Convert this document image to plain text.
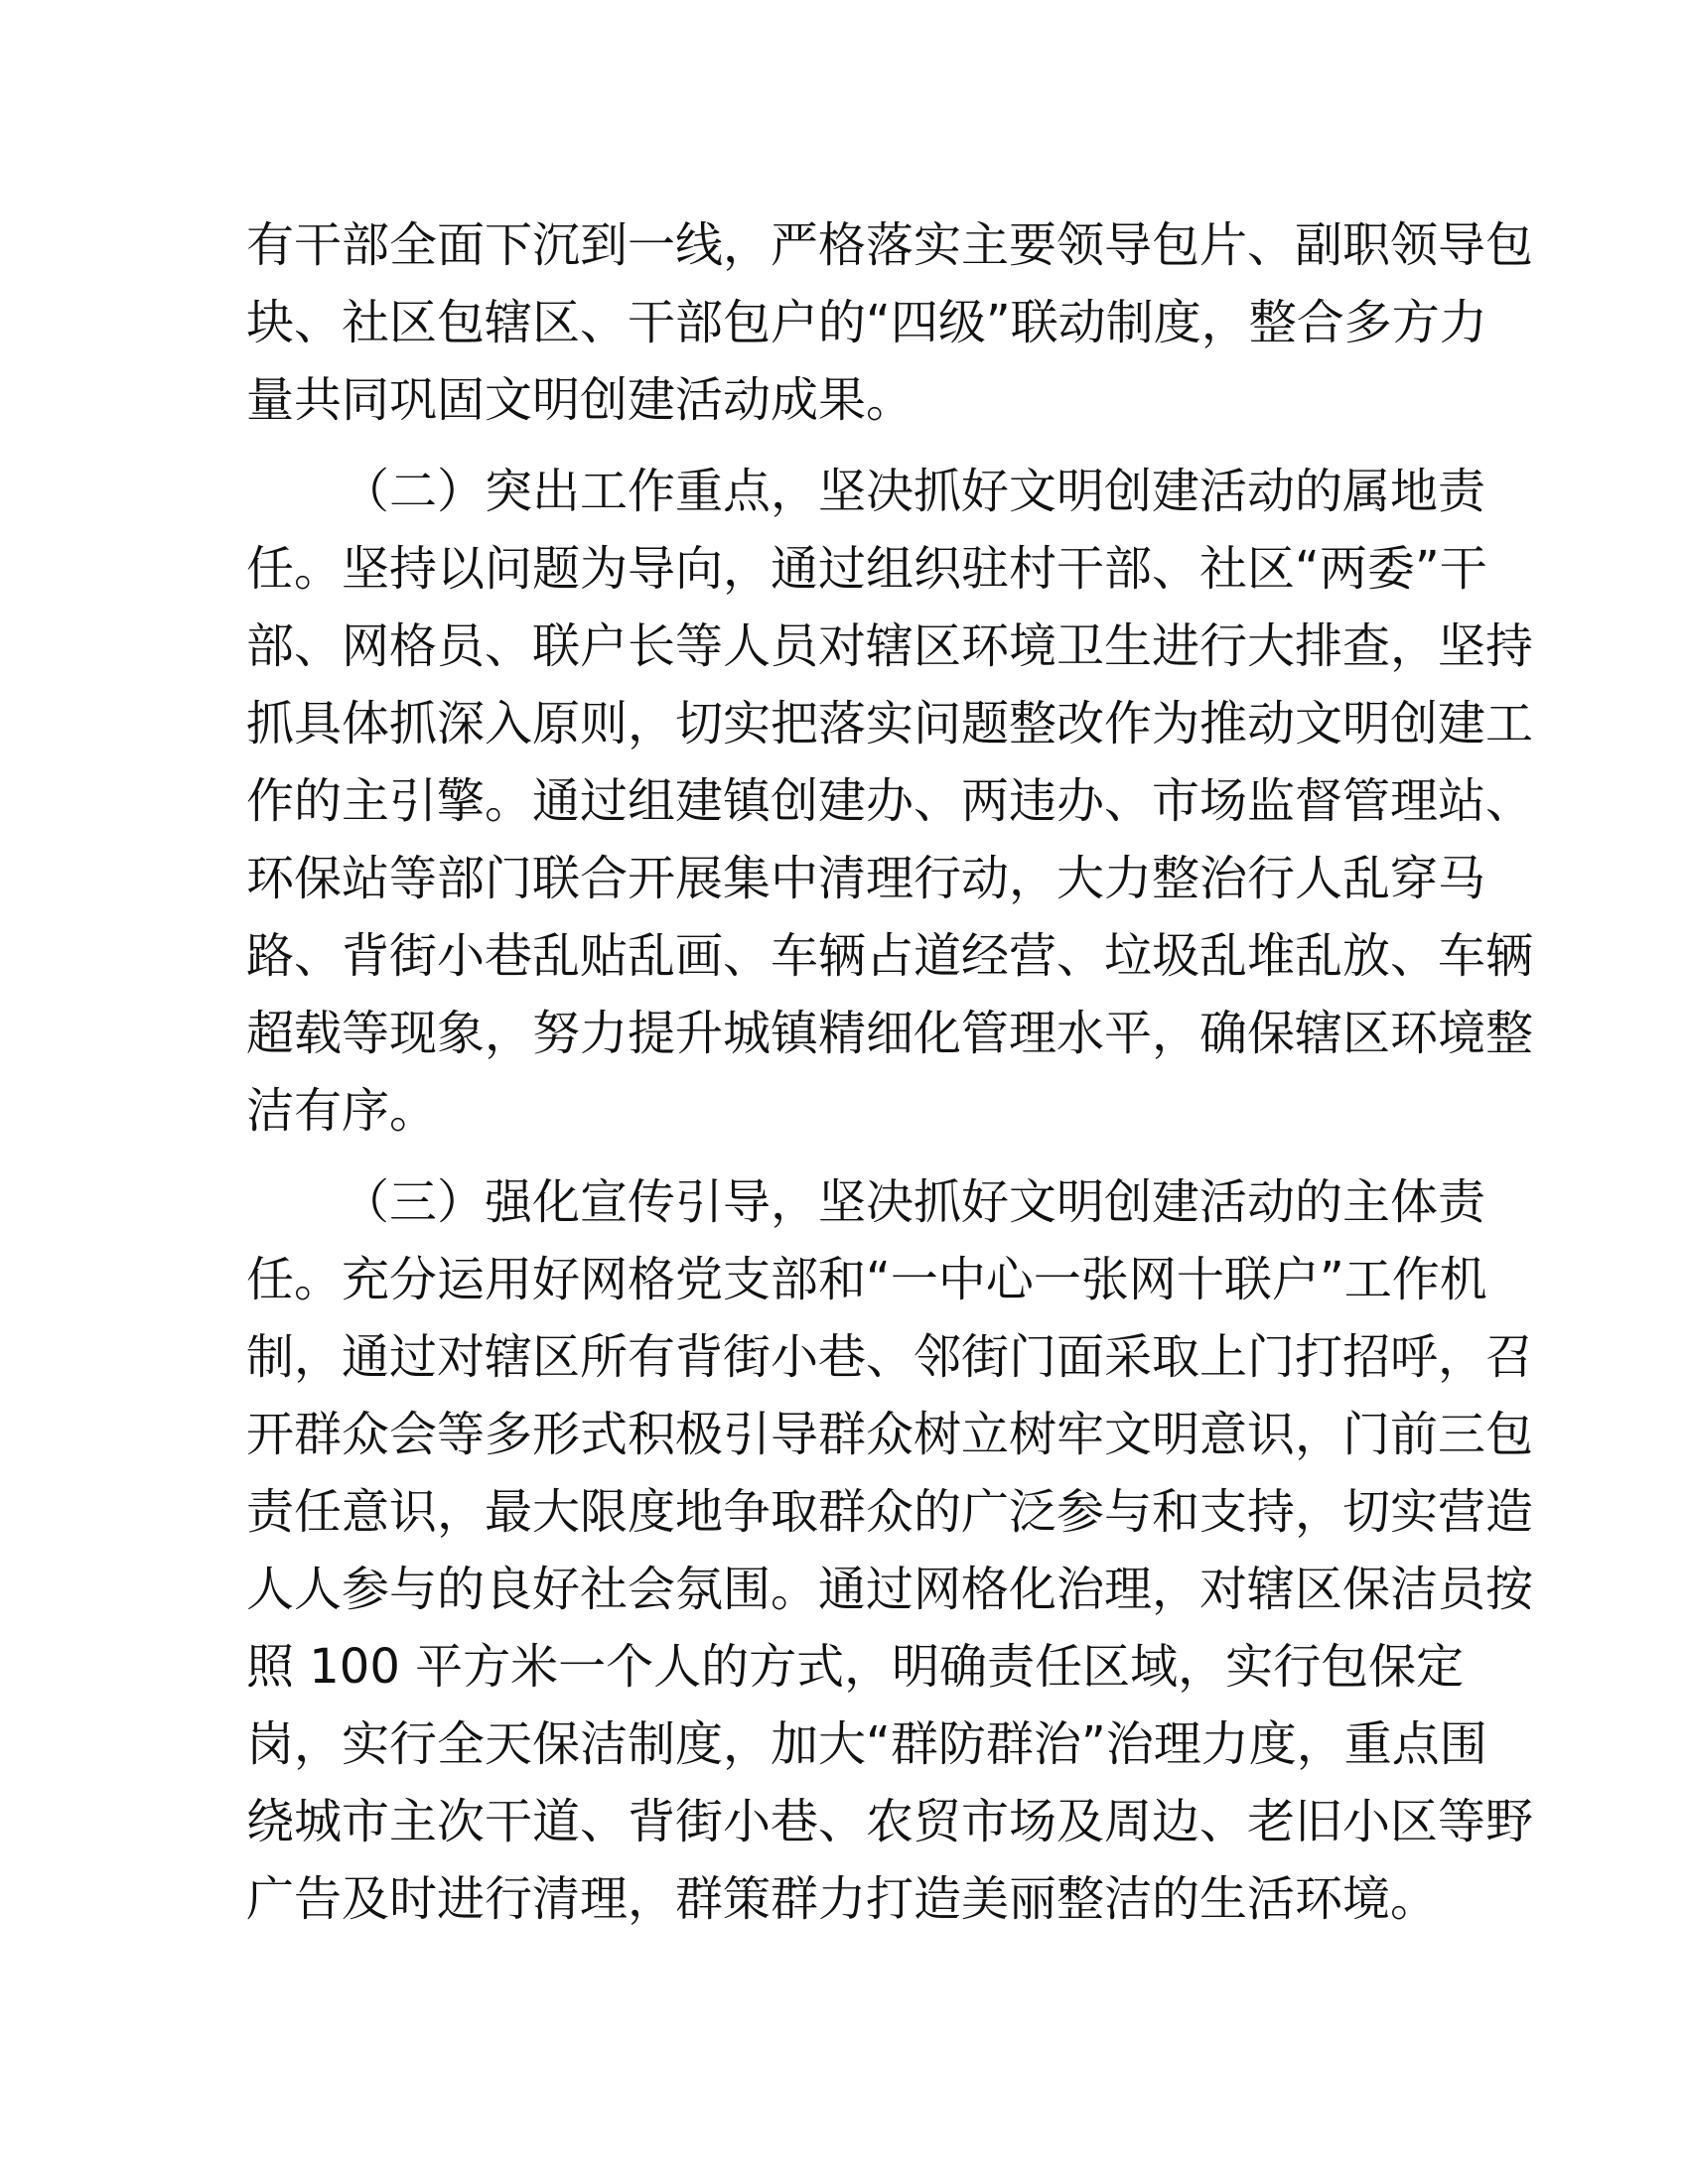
有干部全面下沉到一线，严格落实主要领导包片、副职领导包
块、社区包辖区、干部包户的“四级”联动制度，整合多方力
量共同巩固文明创建活动成果。
（二）突出工作重点，坚决抓好文明创建活动的属地责
任。坚持以问题为导向，通过组织驻村干部、社区“两委”干
部、网格员、联户长等人员对辖区环境卫生进行大排查，坚持
抓具体抓深入原则，切实把落实问题整改作为推动文明创建工
作的主引擎。通过组建镇创建办、两违办、市场监督管理站、
环保站等部门联合开展集中清理行动，大力整治行人乱穿马
路、背街小巷乱贴乱画、车辆占道经营、垃圾乱堆乱放、车辆
超载等现象，努力提升城镇精细化管理水平，确保辖区环境整
洁有序。
（三）强化宣传引导，坚决抓好文明创建活动的主体责
任。充分运用好网格党支部和“一中心一张网十联户”工作机
制，通过对辖区所有背街小巷、邻街门面采取上门打招呼，召
开群众会等多形式积极引导群众树立树牢文明意识，门前三包
责任意识，最大限度地争取群众的广泛参与和支持，切实营造
人人参与的良好社会氛围。通过网格化治理，对辖区保洁员按
照 100 平方米一个人的方式，明确责任区域，实行包保定
岗，实行全天保洁制度，加大“群防群治”治理力度，重点围
绕城市主次干道、背街小巷、农贸市场及周边、老旧小区等野
广告及时进行清理，群策群力打造美丽整洁的生活环境。
